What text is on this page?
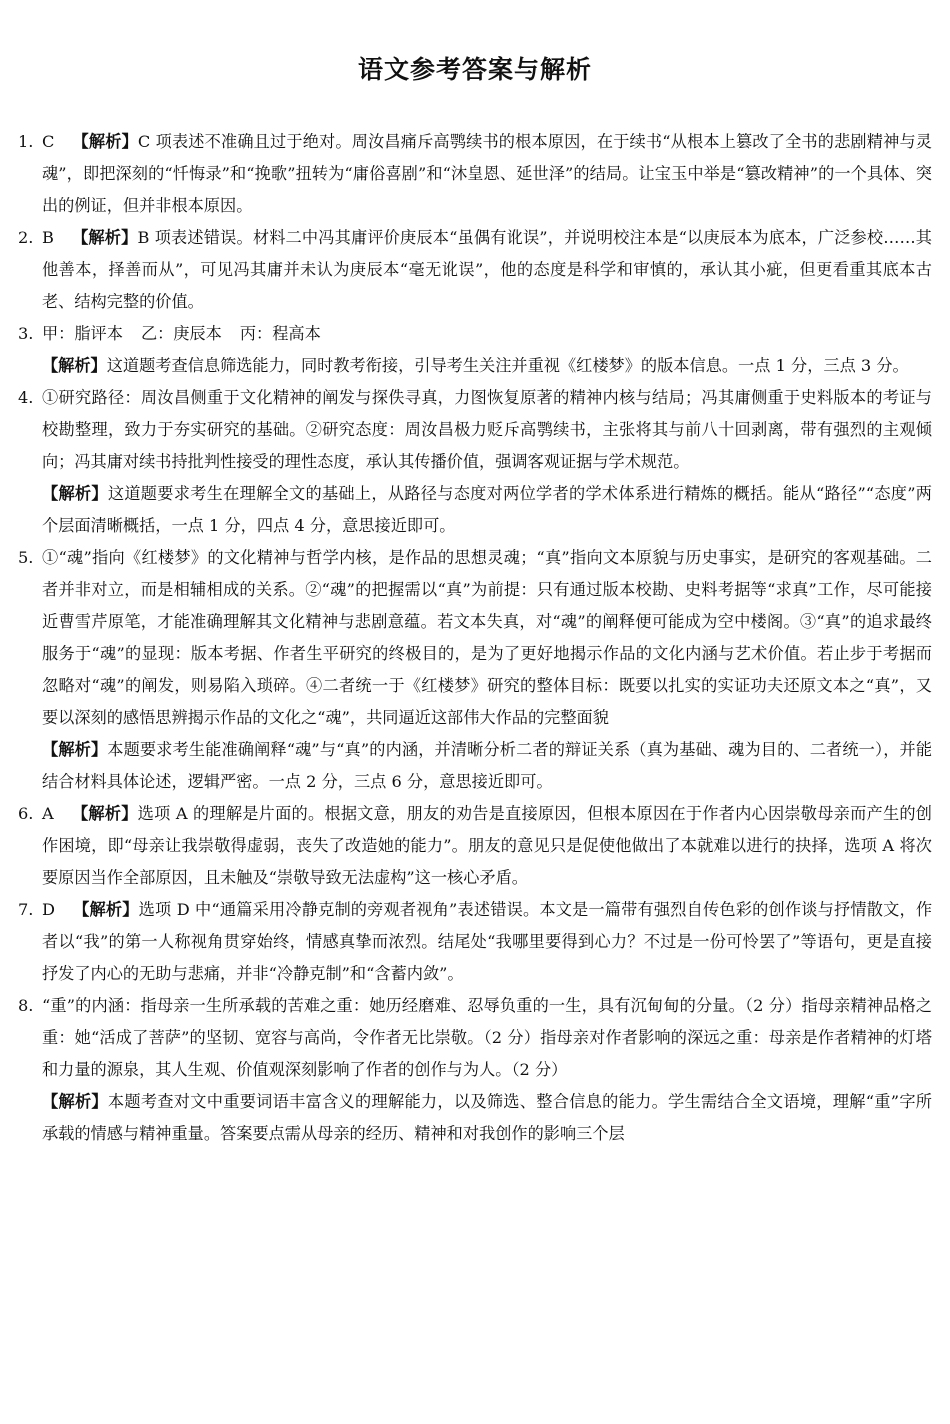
语文参考答案与解析
1. C 【解析】C 项表述不准确且过于绝对。周汝昌痛斥高鹗续书的根本原因，在于续书“从根本上篡改了全书的悲剧精神与灵魂”，即把深刻的“忏悔录”和“挽歌”扭转为“庸俗喜剧”和“沐皇恩、延世泽”的结局。让宝玉中举是“篡改精神”的一个具体、突出的例证，但并非根本原因。
2. B 【解析】B 项表述错误。材料二中冯其庸评价庚辰本“虽偶有讹误”，并说明校注本是“以庚辰本为底本，广泛参校……其他善本，择善而从”，可见冯其庸并未认为庚辰本“毫无讹误”，他的态度是科学和审慎的，承认其小疵，但更看重其底本古老、结构完整的价值。
3. 甲：脂评本 乙：庚辰本 丙：程高本
【解析】这道题考查信息筛选能力，同时教考衔接，引导考生关注并重视《红楼梦》的版本信息。一点 1 分，三点 3 分。
4. ①研究路径：周汝昌侧重于文化精神的阐发与探佚寻真，力图恢复原著的精神内核与结局；冯其庸侧重于史料版本的考证与校勘整理，致力于夯实研究的基础。②研究态度：周汝昌极力贬斥高鹗续书，主张将其与前八十回剥离，带有强烈的主观倾向；冯其庸对续书持批判性接受的理性态度，承认其传播价值，强调客观证据与学术规范。
【解析】这道题要求考生在理解全文的基础上，从路径与态度对两位学者的学术体系进行精炼的概括。能从“路径”“态度”两个层面清晰概括，一点 1 分，四点 4 分，意思接近即可。
5. ①“魂”指向《红楼梦》的文化精神与哲学内核，是作品的思想灵魂；“真”指向文本原貌与历史事实，是研究的客观基础。二者并非对立，而是相辅相成的关系。②“魂”的把握需以“真”为前提：只有通过版本校勘、史料考据等“求真”工作，尽可能接近曹雪芹原笔，才能准确理解其文化精神与悲剧意蕴。若文本失真，对“魂”的阐释便可能成为空中楼阁。③“真”的追求最终服务于“魂”的显现：版本考据、作者生平研究的终极目的，是为了更好地揭示作品的文化内涵与艺术价值。若止步于考据而忽略对“魂”的阐发，则易陷入琐碎。④二者统一于《红楼梦》研究的整体目标：既要以扎实的实证功夫还原文本之“真”，又要以深刻的感悟思辨揭示作品的文化之“魂”，共同逼近这部伟大作品的完整面貌
【解析】本题要求考生能准确阐释“魂”与“真”的内涵，并清晰分析二者的辩证关系（真为基础、魂为目的、二者统一），并能结合材料具体论述，逻辑严密。一点 2 分，三点 6 分，意思接近即可。
6. A 【解析】选项 A 的理解是片面的。根据文意，朋友的劝告是直接原因，但根本原因在于作者内心因崇敬母亲而产生的创作困境，即“母亲让我崇敬得虚弱，丧失了改造她的能力”。朋友的意见只是促使他做出了本就难以进行的抉择，选项 A 将次要原因当作全部原因，且未触及“崇敬导致无法虚构”这一核心矛盾。
7. D 【解析】选项 D 中“通篇采用冷静克制的旁观者视角”表述错误。本文是一篇带有强烈自传色彩的创作谈与抒情散文，作者以“我”的第一人称视角贯穿始终，情感真挚而浓烈。结尾处“我哪里要得到心力？不过是一份可怜罢了”等语句，更是直接抒发了内心的无助与悲痛，并非“冷静克制”和“含蓄内敛”。
8. “重”的内涵：指母亲一生所承载的苦难之重：她历经磨难、忍辱负重的一生，具有沉甸甸的分量。（2 分）指母亲精神品格之重：她“活成了菩萨”的坚韧、宽容与高尚，令作者无比崇敬。（2 分）指母亲对作者影响的深远之重：母亲是作者精神的灯塔和力量的源泉，其人生观、价值观深刻影响了作者的创作与为人。（2 分）
【解析】本题考查对文中重要词语丰富含义的理解能力，以及筛选、整合信息的能力。学生需结合全文语境，理解“重”字所承载的情感与精神重量。答案要点需从母亲的经历、精神和对我创作的影响三个层
